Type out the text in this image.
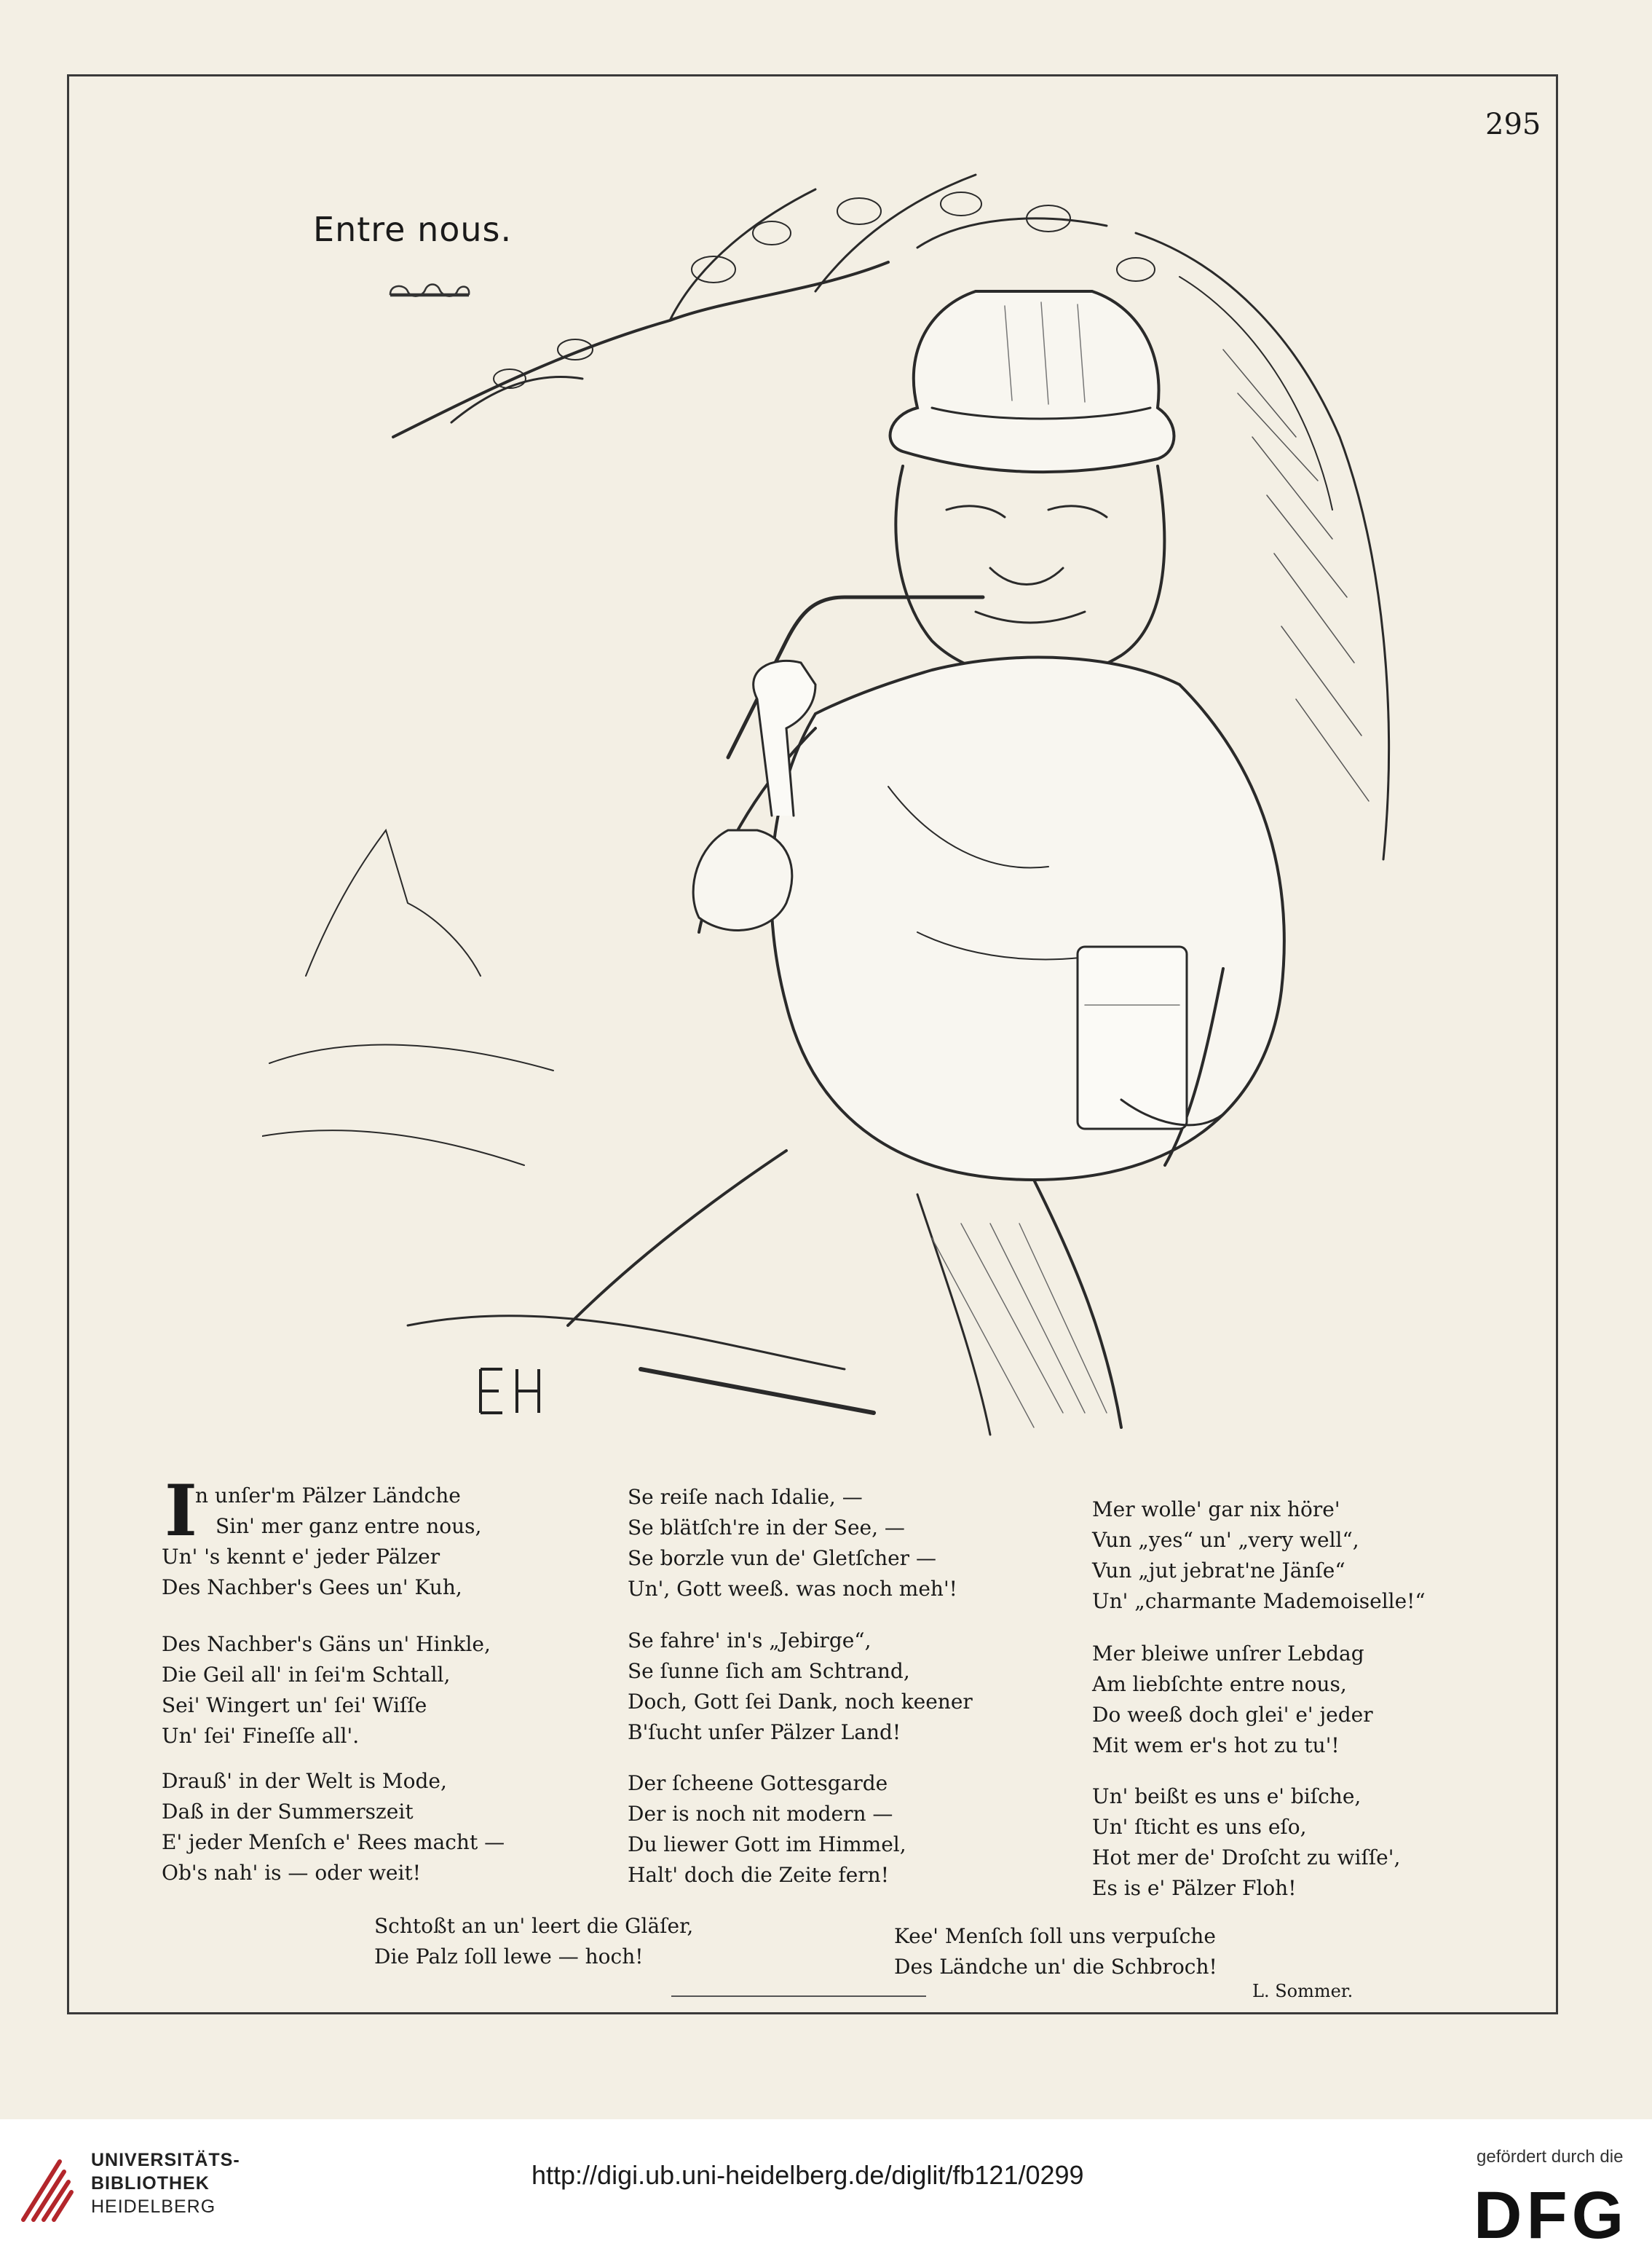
295
Entre nous.
I
n unſer'm Pälzer Ländche
Sin' mer ganz entre nous,
Un' 's kennt e' jeder Pälzer
Des Nachber's Gees un' Kuh,
Des Nachber's Gäns un' Hinkle,
Die Geil all' in ſei'm Schtall,
Sei' Wingert un' ſei' Wiſſe
Un' ſei' Fineſſe all'.
Drauß' in der Welt is Mode,
Daß in der Summerszeit
E' jeder Menſch e' Rees macht —
Ob's nah' is — oder weit!
Se reiſe nach Idalie, —
Se blätſch're in der See, —
Se borzle vun de' Gletſcher —
Un', Gott weeß. was noch meh'!
Se fahre' in's „Jebirge“,
Se ſunne ſich am Schtrand,
Doch, Gott ſei Dank, noch keener
B'ſucht unſer Pälzer Land!
Der ſcheene Gottesgarde
Der is noch nit modern —
Du liewer Gott im Himmel,
Halt' doch die Zeite fern!
Mer wolle' gar nix höre'
Vun „yes“ un' „very well“,
Vun „jut jebrat'ne Jänſe“
Un' „charmante Mademoiselle!“
Mer bleiwe unſrer Lebdag
Am liebſchte entre nous,
Do weeß doch glei' e' jeder
Mit wem er's hot zu tu'!
Un' beißt es uns e' biſche,
Un' ſticht es uns eſo,
Hot mer de' Droſcht zu wiſſe',
Es is e' Pälzer Floh!
Schtoßt an un' leert die Gläſer,
Die Palz ſoll lewe — hoch!
Kee' Menſch ſoll uns verpuſche
Des Ländche un' die Schbroch!
L. Sommer.
UNIVERSITÄTS-
BIBLIOTHEK
HEIDELBERG
http://digi.ub.uni-heidelberg.de/diglit/fb121/0299
gefördert durch die
DFG
